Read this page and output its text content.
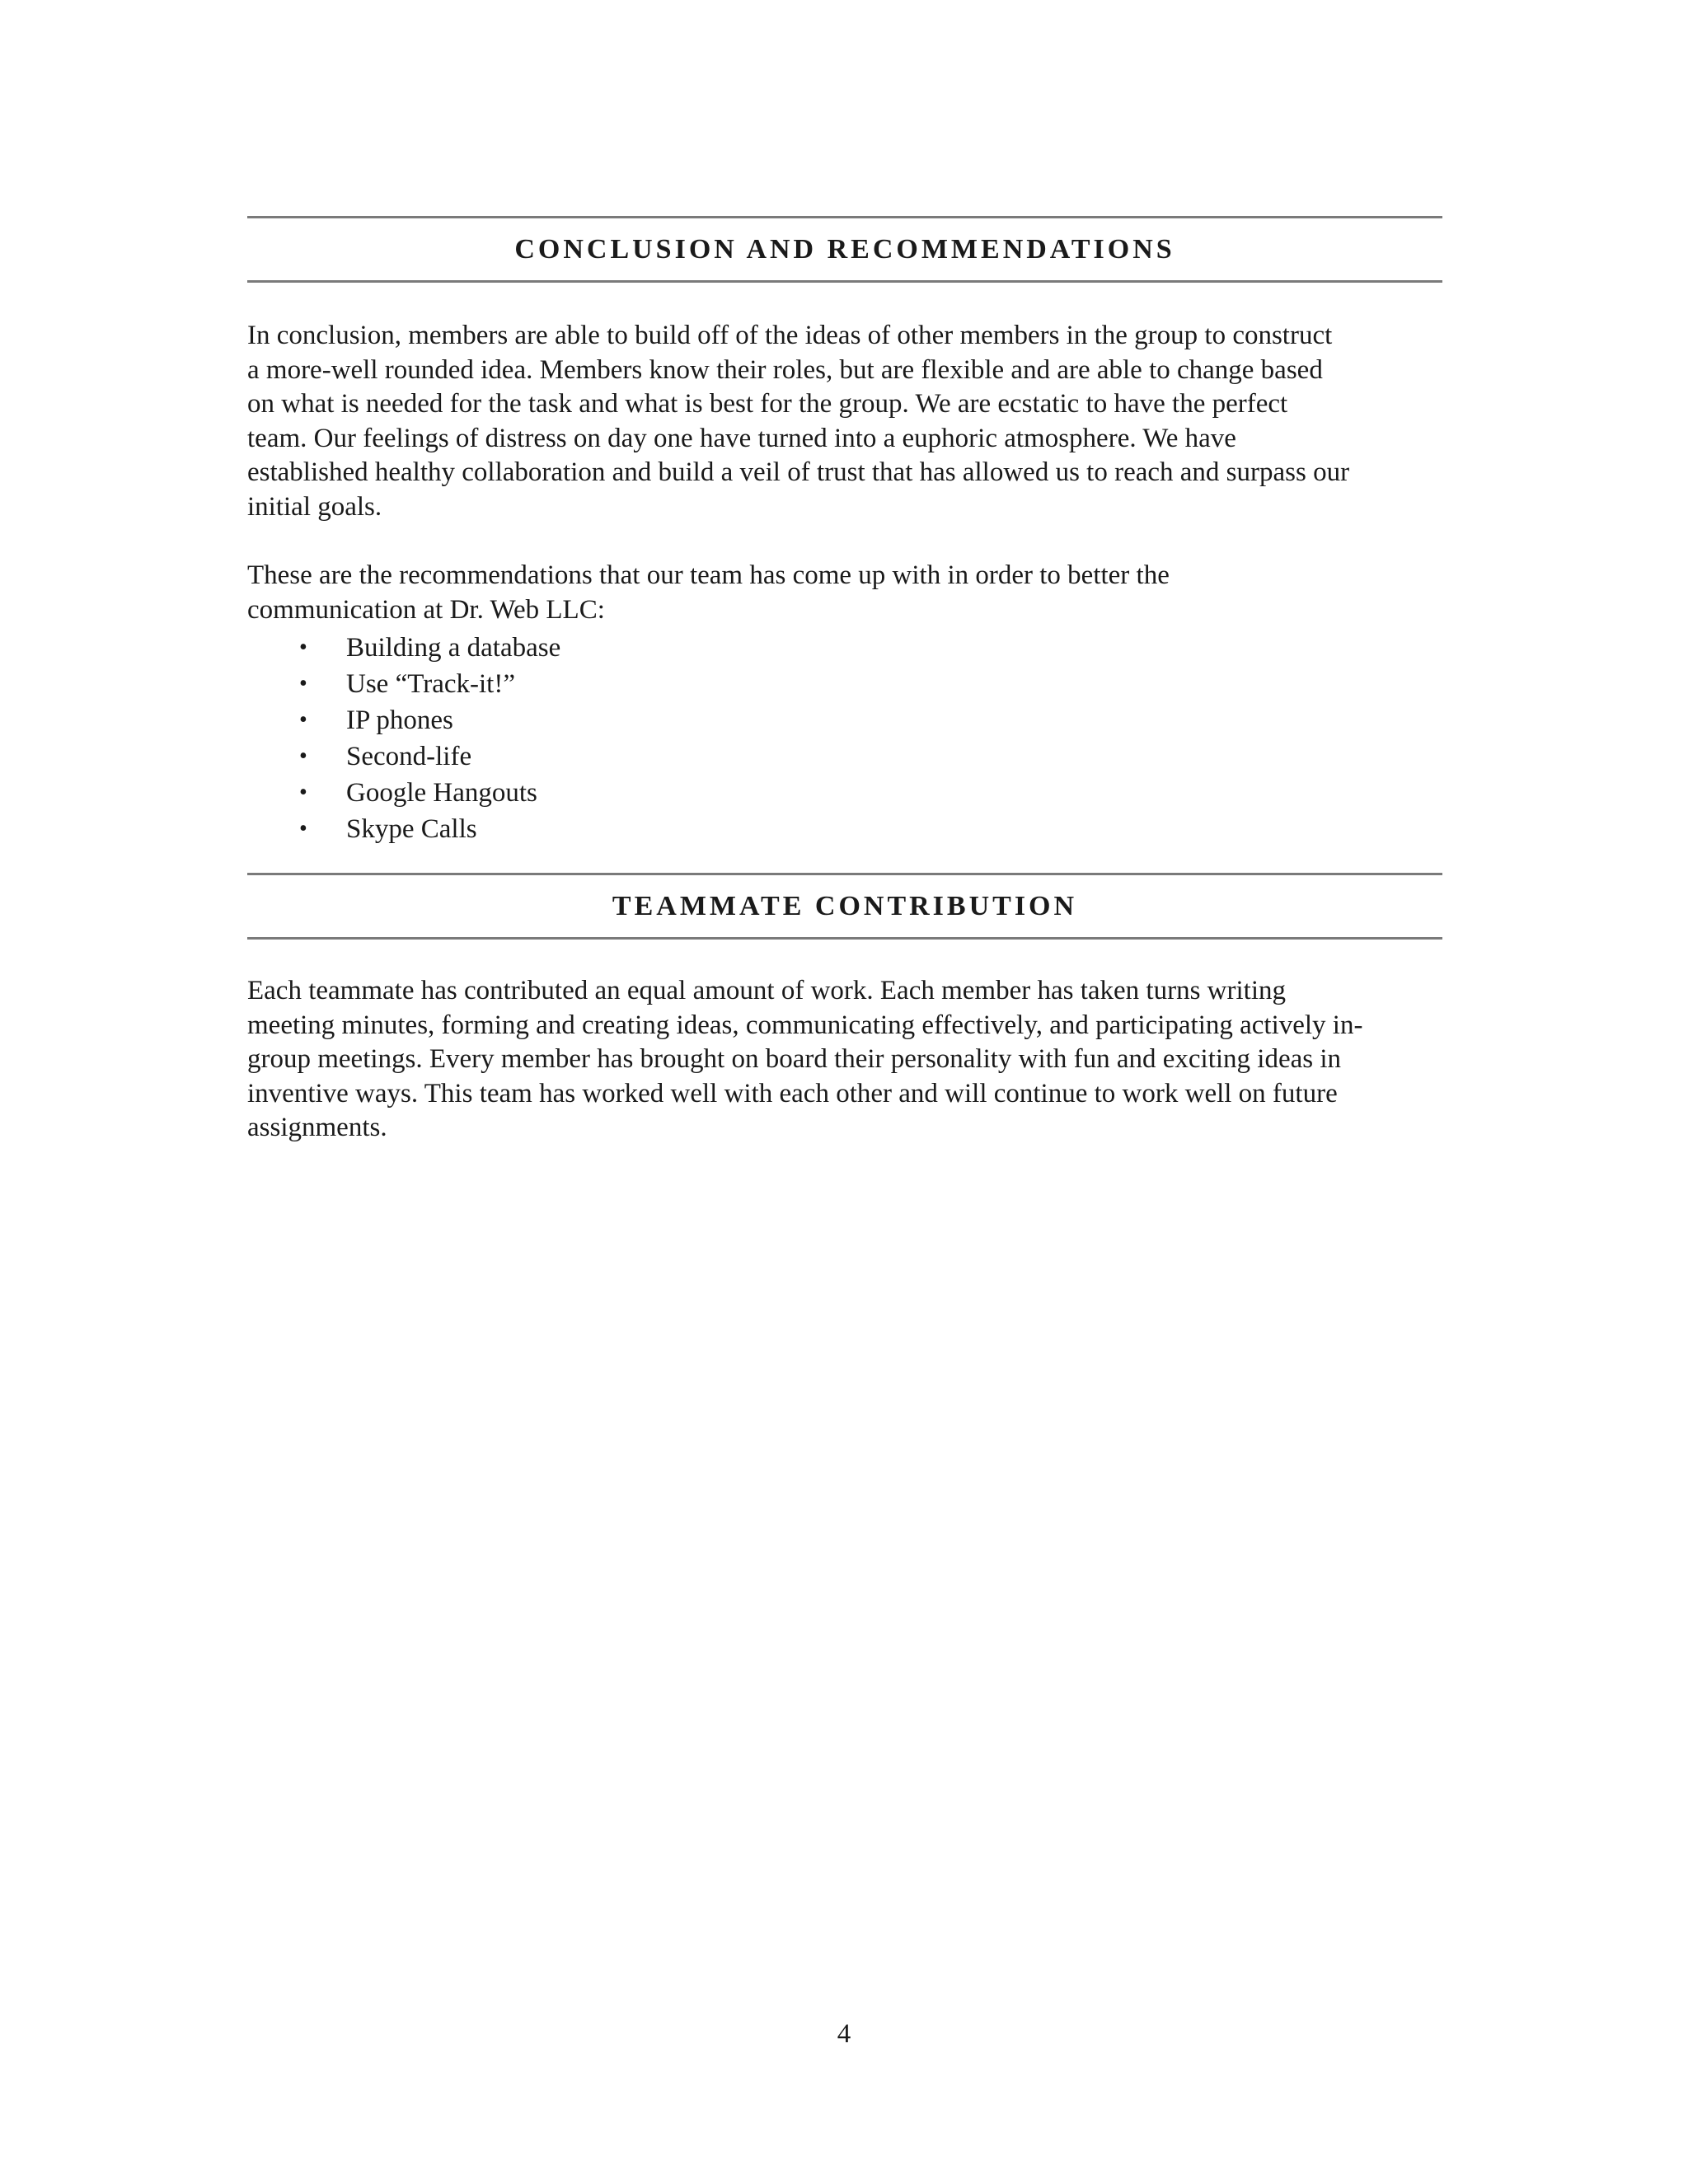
CONCLUSION AND RECOMMENDATIONS

In conclusion, members are able to build off of the ideas of other members in the group to construct
a more-well rounded idea. Members know their roles, but are flexible and are able to change based
on what is needed for the task and what is best for the group. We are ecstatic to have the perfect
team. Our feelings of distress on day one have turned into a euphoric atmosphere. We have
established healthy collaboration and build a veil of trust that has allowed us to reach and surpass our
initial goals.

These are the recommendations that our team has come up with in order to better the
communication at Dr. Web LLC:

•	Building a database
•	Use “Track-it!”
•	IP phones
•	Second-life
•	Google Hangouts
•	Skype Calls
TEAMMATE CONTRIBUTION

Each teammate has contributed an equal amount of work. Each member has taken turns writing
meeting minutes, forming and creating ideas, communicating effectively, and participating actively in-
group meetings. Every member has brought on board their personality with fun and exciting ideas in
inventive ways. This team has worked well with each other and will continue to work well on future
assignments.

4
